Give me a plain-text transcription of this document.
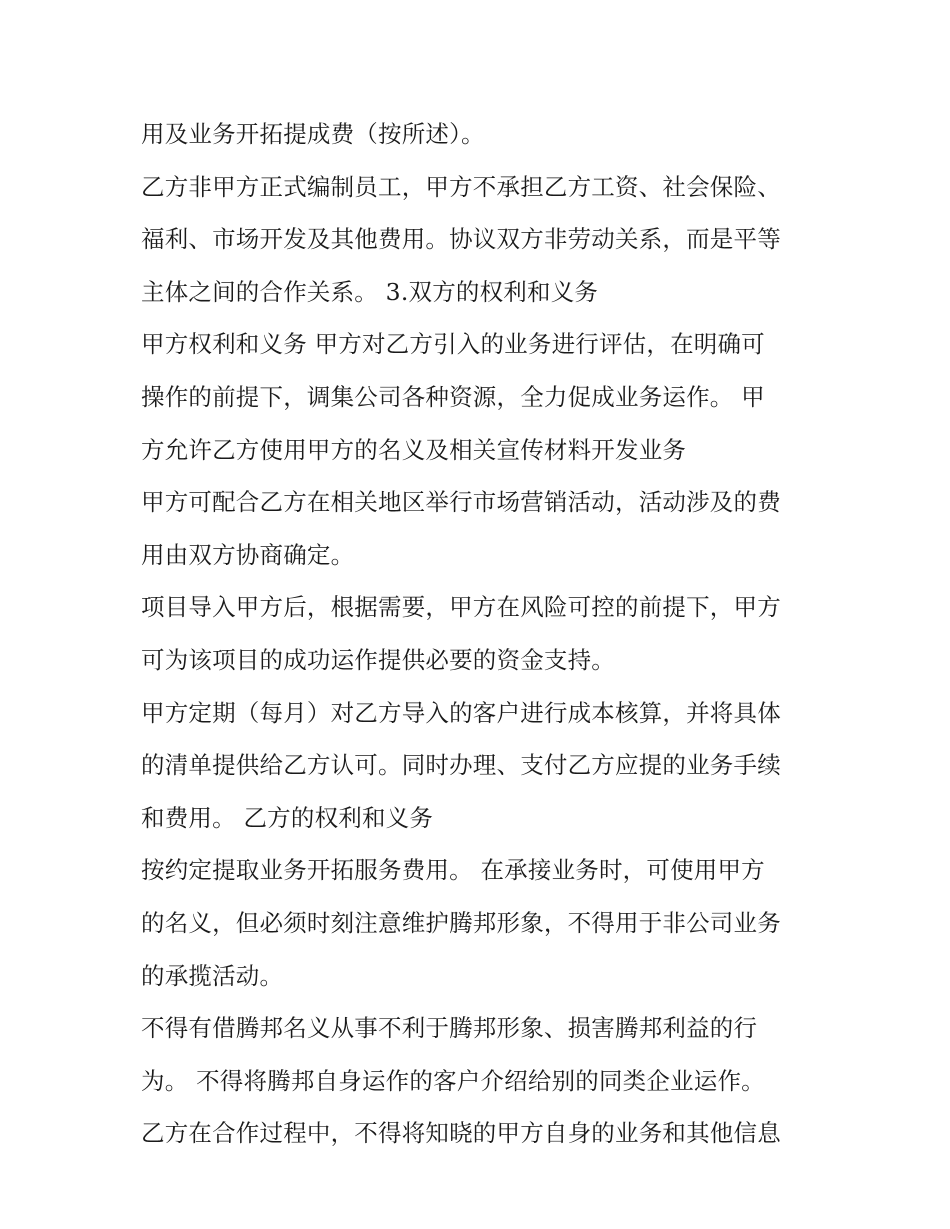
用及业务开拓提成费（按所述）。
乙方非甲方正式编制员工，甲方不承担乙方工资、社会保险、
福利、市场开发及其他费用。协议双方非劳动关系，而是平等
主体之间的合作关系。 3.双方的权利和义务
甲方权利和义务 甲方对乙方引入的业务进行评估，在明确可
操作的前提下，调集公司各种资源，全力促成业务运作。 甲
方允许乙方使用甲方的名义及相关宣传材料开发业务
甲方可配合乙方在相关地区举行市场营销活动，活动涉及的费
用由双方协商确定。
项目导入甲方后，根据需要，甲方在风险可控的前提下，甲方
可为该项目的成功运作提供必要的资金支持。
甲方定期（每月）对乙方导入的客户进行成本核算，并将具体
的清单提供给乙方认可。同时办理、支付乙方应提的业务手续
和费用。 乙方的权利和义务
按约定提取业务开拓服务费用。 在承接业务时，可使用甲方
的名义，但必须时刻注意维护腾邦形象，不得用于非公司业务
的承揽活动。
不得有借腾邦名义从事不利于腾邦形象、损害腾邦利益的行
为。 不得将腾邦自身运作的客户介绍给别的同类企业运作。
乙方在合作过程中，不得将知晓的甲方自身的业务和其他信息
